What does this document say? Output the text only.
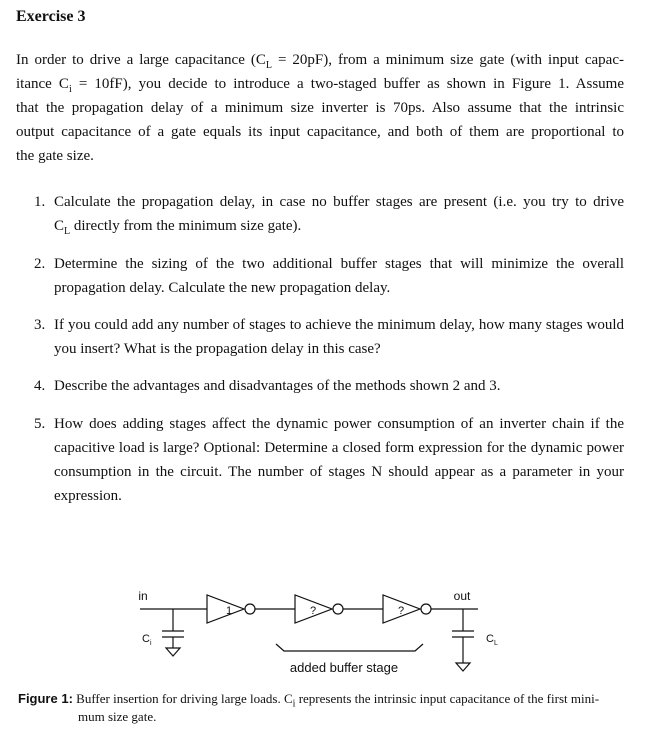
Exercise 3
In order to drive a large capacitance $(C_L = 20pF)$, from a minimum size gate (with input capac-
itance $C_i = 10fF$), you decide to introduce a two-staged buffer as shown in Figure 1. Assume
that the propagation delay of a minimum size inverter is 70ps. Also assume that the intrinsic
output capacitance of a gate equals its input capacitance, and both of them are proportional to
the gate size.
1. Calculate the propagation delay, in case no buffer stages are present (i.e. you try to drive
$C_L$ directly from the minimum size gate).
2. Determine the sizing of the two additional buffer stages that will minimize the overall propagation delay. Calculate the new propagation delay.
3. If you could add any number of stages to achieve the minimum delay, how many stages would you insert? What is the propagation delay in this case?
4. Describe the advantages and disadvantages of the methods shown 2 and 3.
5. How does adding stages affect the dynamic power consumption of an inverter chain if the capacitive load is large? Optional: Determine a closed form expression for the dynamic power consumption in the circuit. The number of stages N should appear as a parameter in your expression.
in	out
1	?	?
$C_i$	$C_L$
added buffer stage
Figure 1: Buffer insertion for driving large loads. $C_i$ represents the intrinsic input capacitance of the first mini-
mum size gate.
